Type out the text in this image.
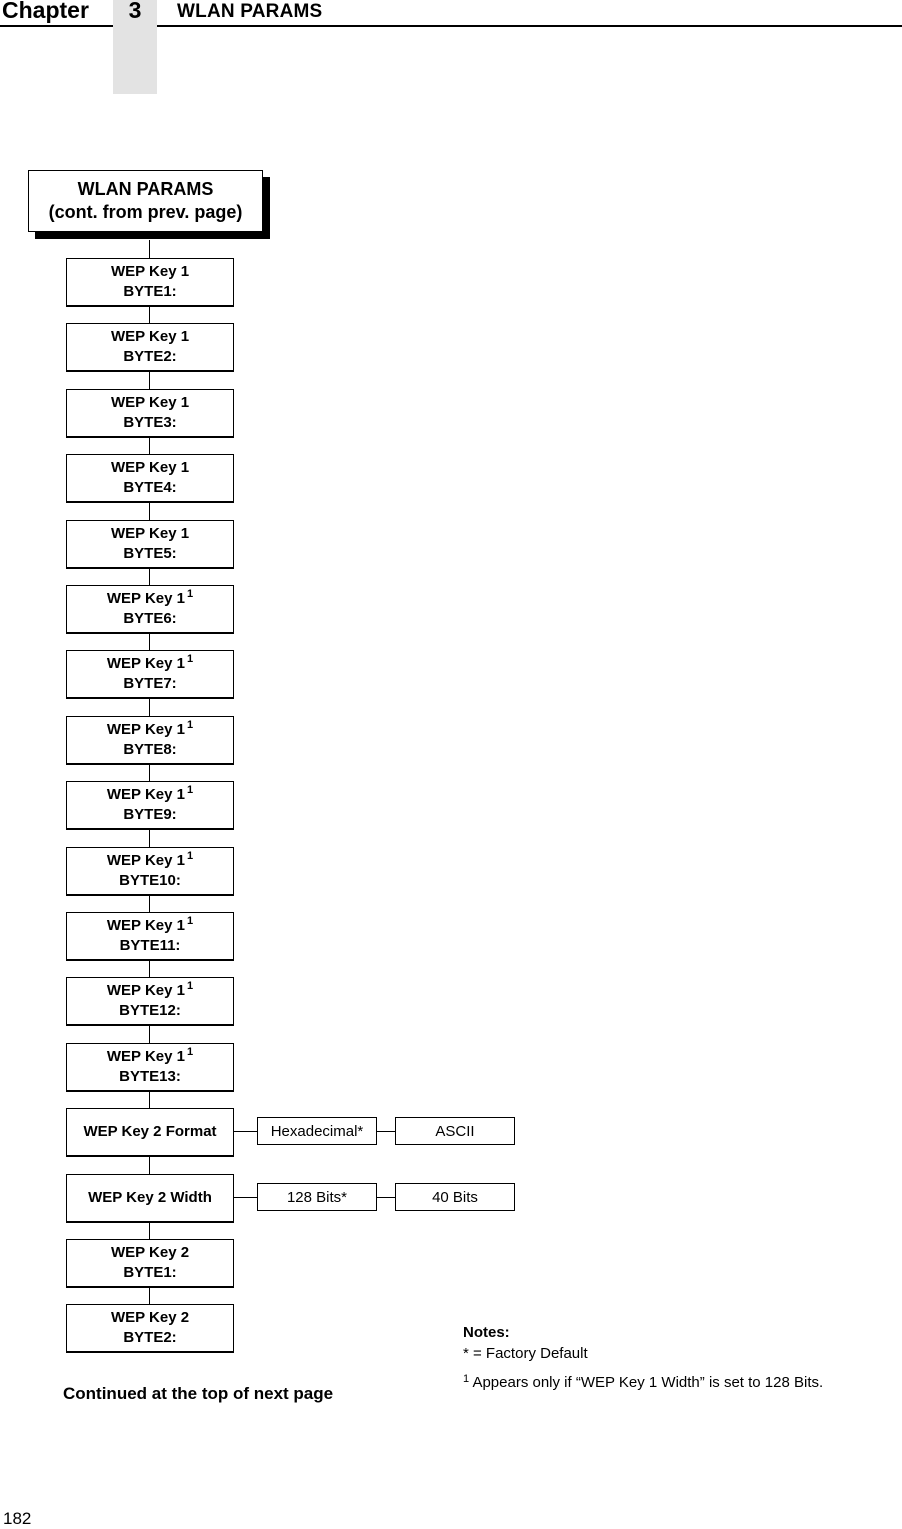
Chapter	3	WLAN PARAMS
WLAN PARAMS
(cont. from prev. page)
WEP Key 1
BYTE1:
WEP Key 1
BYTE2:
WEP Key 1
BYTE3:
WEP Key 1
BYTE4:
WEP Key 1
BYTE5:
WEP Key 1 $^1$
BYTE6:
WEP Key 1 $^1$
BYTE7:
WEP Key 1 $^1$
BYTE8:
WEP Key 1 $^1$
BYTE9:
WEP Key 1 $^1$
BYTE10:
WEP Key 1 $^1$
BYTE11:
WEP Key 1 $^1$
BYTE12:
WEP Key 1 $^1$
BYTE13:
WEP Key 2 Format	Hexadecimal*	ASCII
WEP Key 2 Width	128 Bits*	40 Bits
WEP Key 2
BYTE1:
WEP Key 2
BYTE2:	Notes:
* = Factory Default
$^1$ Appears only if “WEP Key 1 Width” is set to 128 Bits.
Continued at the top of next page
182
